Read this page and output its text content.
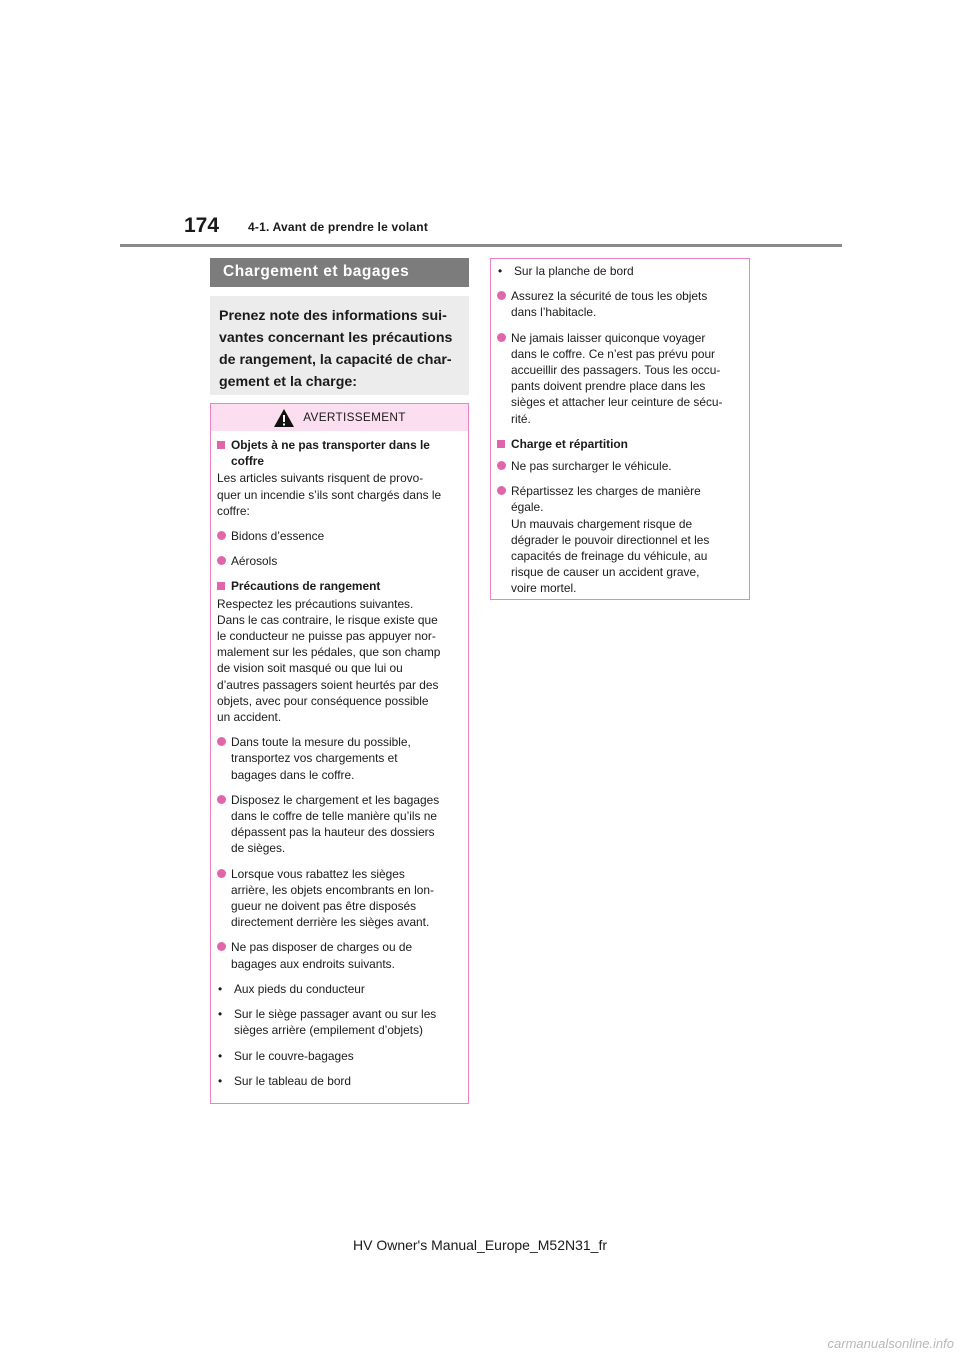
174 4-1. Avant de prendre le volant
Chargement et bagages
Prenez note des informations sui-
vantes concernant les précautions
de rangement, la capacité de char-
gement et la charge:
AVERTISSEMENT
Objets à ne pas transporter dans le
coffre
Les articles suivants risquent de provo-
quer un incendie s’ils sont chargés dans le
coffre:
Bidons d’essence
Aérosols
Précautions de rangement
Respectez les précautions suivantes.
Dans le cas contraire, le risque existe que
le conducteur ne puisse pas appuyer nor-
malement sur les pédales, que son champ
de vision soit masqué ou que lui ou
d’autres passagers soient heurtés par des
objets, avec pour conséquence possible
un accident.
Dans toute la mesure du possible,
transportez vos chargements et
bagages dans le coffre.
Disposez le chargement et les bagages
dans le coffre de telle manière qu’ils ne
dépassent pas la hauteur des dossiers
de sièges.
Lorsque vous rabattez les sièges
arrière, les objets encombrants en lon-
gueur ne doivent pas être disposés
directement derrière les sièges avant.
Ne pas disposer de charges ou de
bagages aux endroits suivants.
• Aux pieds du conducteur
• Sur le siège passager avant ou sur les
sièges arrière (empilement d’objets)
• Sur le couvre-bagages
• Sur le tableau de bord
• Sur la planche de bord
Assurez la sécurité de tous les objets
dans l’habitacle.
Ne jamais laisser quiconque voyager
dans le coffre. Ce n’est pas prévu pour
accueillir des passagers. Tous les occu-
pants doivent prendre place dans les
sièges et attacher leur ceinture de sécu-
rité.
Charge et répartition
Ne pas surcharger le véhicule.
Répartissez les charges de manière
égale.
Un mauvais chargement risque de
dégrader le pouvoir directionnel et les
capacités de freinage du véhicule, au
risque de causer un accident grave,
voire mortel.
HV Owner's Manual_Europe_M52N31_fr
carmanualsonline.info
